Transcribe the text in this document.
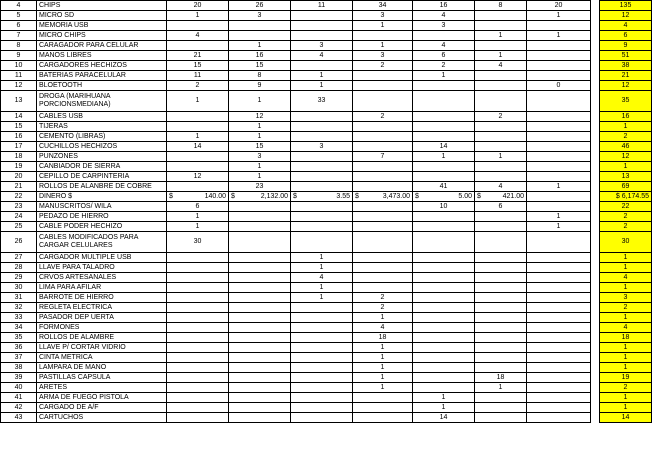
4	CHIPS	20	26	11	34	16	8	20		135
5	MICRO SD	1	3		3	4		1		12
6	MEMORIA USB				1	3				4
7	MICRO CHIPS	4					1	1		6
8	CARAGADOR PARA CELULAR		1	3	1	4				9
9	MANOS LIBRES	21	16	4	3	6	1			51
10	CARGADORES HECHIZOS	15	15		2	2	4			38
11	BATERIAS PARACELULAR	11	8	1		1				21
12	BLOETOOTH	2	9	1				0		12
13	DROGA (MARIHUANA PORCIONSMEDIANA)	1	1	33						35
14	CABLES USB		12		2		2			16
15	TIJERAS		1							1
16	CEMENTO (LIBRAS)	1	1							2
17	CUCHILLOS HECHIZOS	14	15	3		14				46
18	PUNZONES		3		7	1	1			12
19	CANBIADOR DE SIERRA		1							1
20	CEPILLO DE CARPINTERIA	12	1							13
21	ROLLOS DE ALANBRE DE COBRE		23			41	4	1		69
22	DINERO $	$ 140.00	$ 2,132.00	$ 3.55	$ 3,473.00	$ 5.00	$ 421.00			$ 6,174.55
23	MANUSCRITOS/ WILA	6				10	6			22
24	PEDAZO DE HIERRO	1						1		2
25	CABLE PODER HECHIZO	1						1		2
26	CABLES MODIFICADOS PARA CARGAR CELULARES	30								30
27	CARGADOR MULTIPLE USB			1						1
28	LLAVE PARA TALADRO			1						1
29	CRVOS ARTESANALES			4						4
30	LIMA PARA AFILAR			1						1
31	BARROTE DE HIERRO			1	2					3
32	REGLETA ELECTRICA				2					2
33	PASADOR DEP UERTA				1					1
34	FORMONES				4					4
35	ROLLOS DE ALAMBRE				18					18
36	LLAVE P/ CORTAR VIDRIO				1					1
37	CINTA METRICA				1					1
38	LAMPARA DE MANO				1					1
39	PASTILLAS CAPSULA				1		18			19
40	ARETES				1		1			2
41	ARMA DE FUEGO PISTOLA					1				1
42	CARGADO DE A/F					1				1
43	CARTUCHOS					14				14
